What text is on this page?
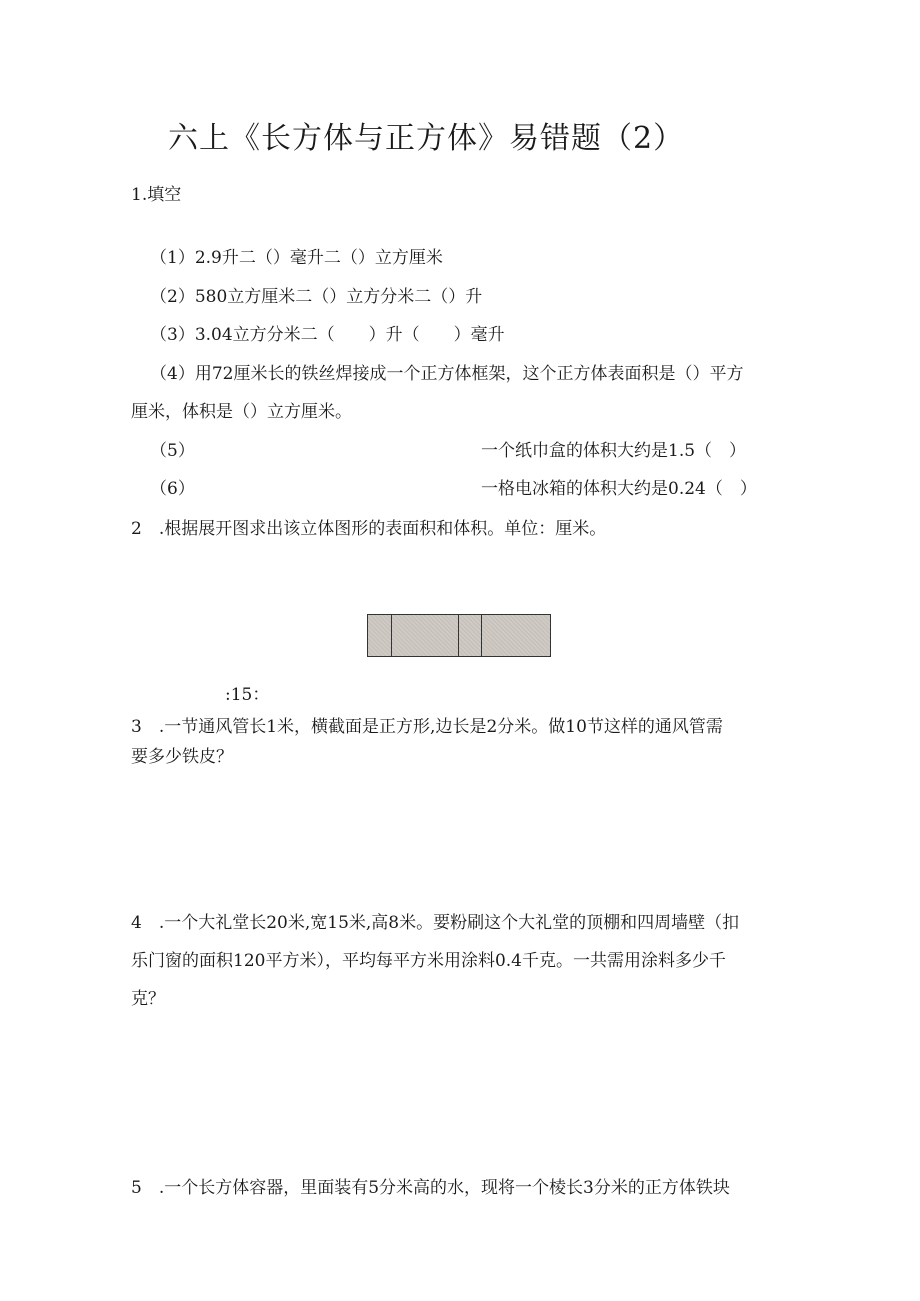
六上《长方体与正方体》易错题（2）
1.填空
（1）2.9升二（）毫升二（）立方厘米
（2）580立方厘米二（）立方分米二（）升
（3）3.04立方分米二（　　）升（　　）毫升
（4）用72厘米长的铁丝焊接成一个正方体框架，这个正方体表面积是（）平方
厘米，体积是（）立方厘米。
（5）	一个纸巾盒的体积大约是1.5（　）
（6）	一格电冰箱的体积大约是0.24（　）
2　.根据展开图求出该立体图形的表面积和体积。单位：厘米。
:15：
3　.一节通风管长1米，横截面是正方形,边长是2分米。做10节这样的通风管需
要多少铁皮？
4　.一个大礼堂长20米,宽15米,高8米。要粉刷这个大礼堂的顶棚和四周墙壁（扣
乐门窗的面积120平方米），平均每平方米用涂料0.4千克。一共需用涂料多少千
克？
5　.一个长方体容器，里面装有5分米高的水，现将一个棱长3分米的正方体铁块
